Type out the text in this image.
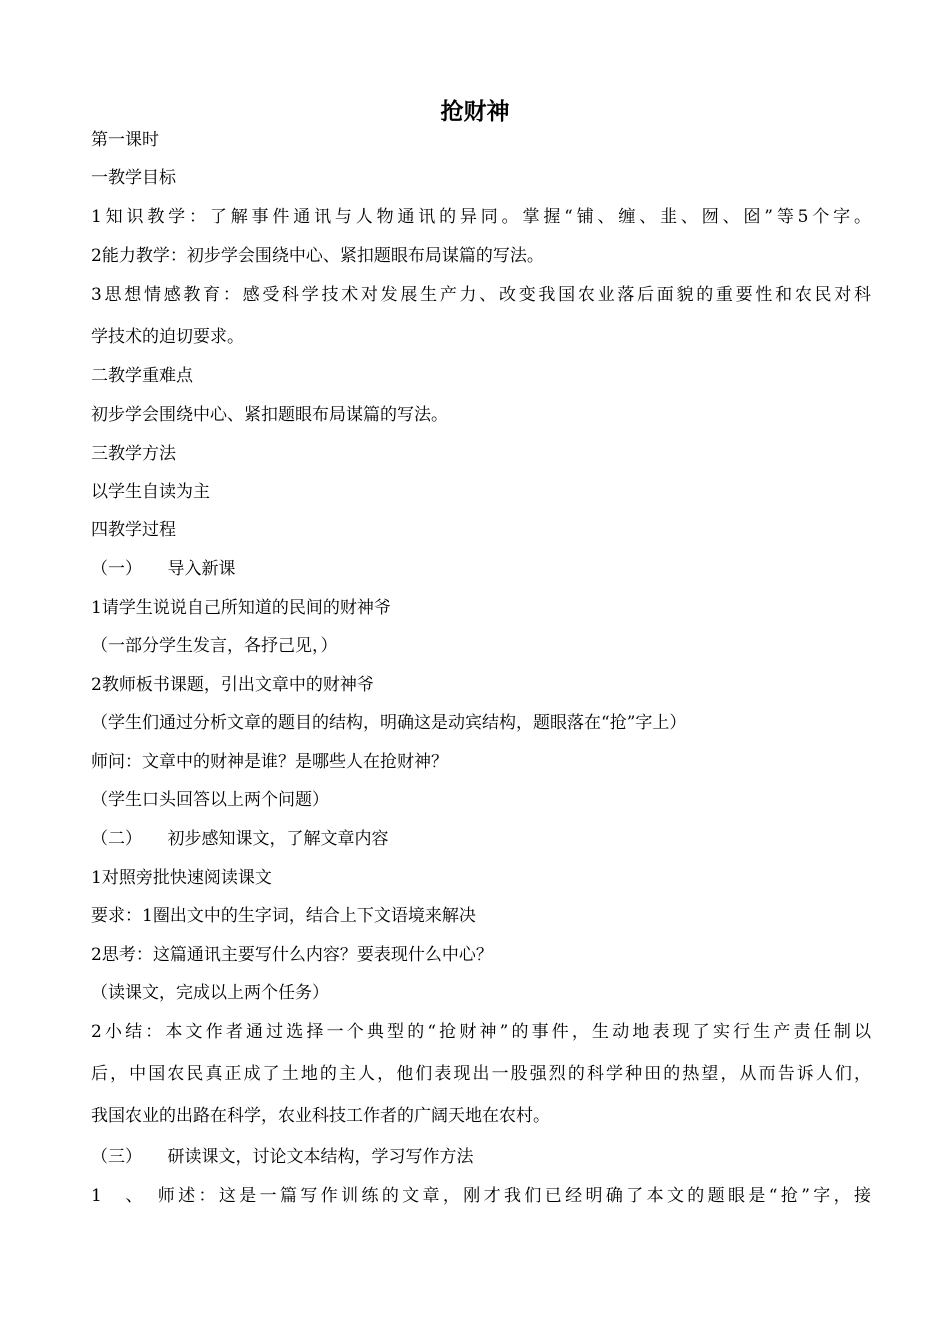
抢财神
第一课时
一教学目标
1知识教学：了解事件通讯与人物通讯的异同。掌握“铺、缠、韭、囫、囵”等5个字。
2能力教学：初步学会围绕中心、紧扣题眼布局谋篇的写法。
3思想情感教育：感受科学技术对发展生产力、改变我国农业落后面貌的重要性和农民对科
学技术的迫切要求。
二教学重难点
初步学会围绕中心、紧扣题眼布局谋篇的写法。
三教学方法
以学生自读为主
四教学过程
（一）　　导入新课
1请学生说说自己所知道的民间的财神爷
（一部分学生发言，各抒己见，）
2教师板书课题，引出文章中的财神爷
（学生们通过分析文章的题目的结构，明确这是动宾结构，题眼落在“抢”字上）
师问：文章中的财神是谁？是哪些人在抢财神？
（学生口头回答以上两个问题）
（二）　　初步感知课文，了解文章内容
1对照旁批快速阅读课文
要求：1圈出文中的生字词，结合上下文语境来解决
2思考：这篇通讯主要写什么内容？要表现什么中心？
（读课文，完成以上两个任务）
2小结：本文作者通过选择一个典型的“抢财神”的事件，生动地表现了实行生产责任制以
后，中国农民真正成了土地的主人，他们表现出一股强烈的科学种田的热望，从而告诉人们，
我国农业的出路在科学，农业科技工作者的广阔天地在农村。
（三）　　研读课文，讨论文本结构，学习写作方法
1　、　师述：这是一篇写作训练的文章，刚才我们已经明确了本文的题眼是“抢”字，接
